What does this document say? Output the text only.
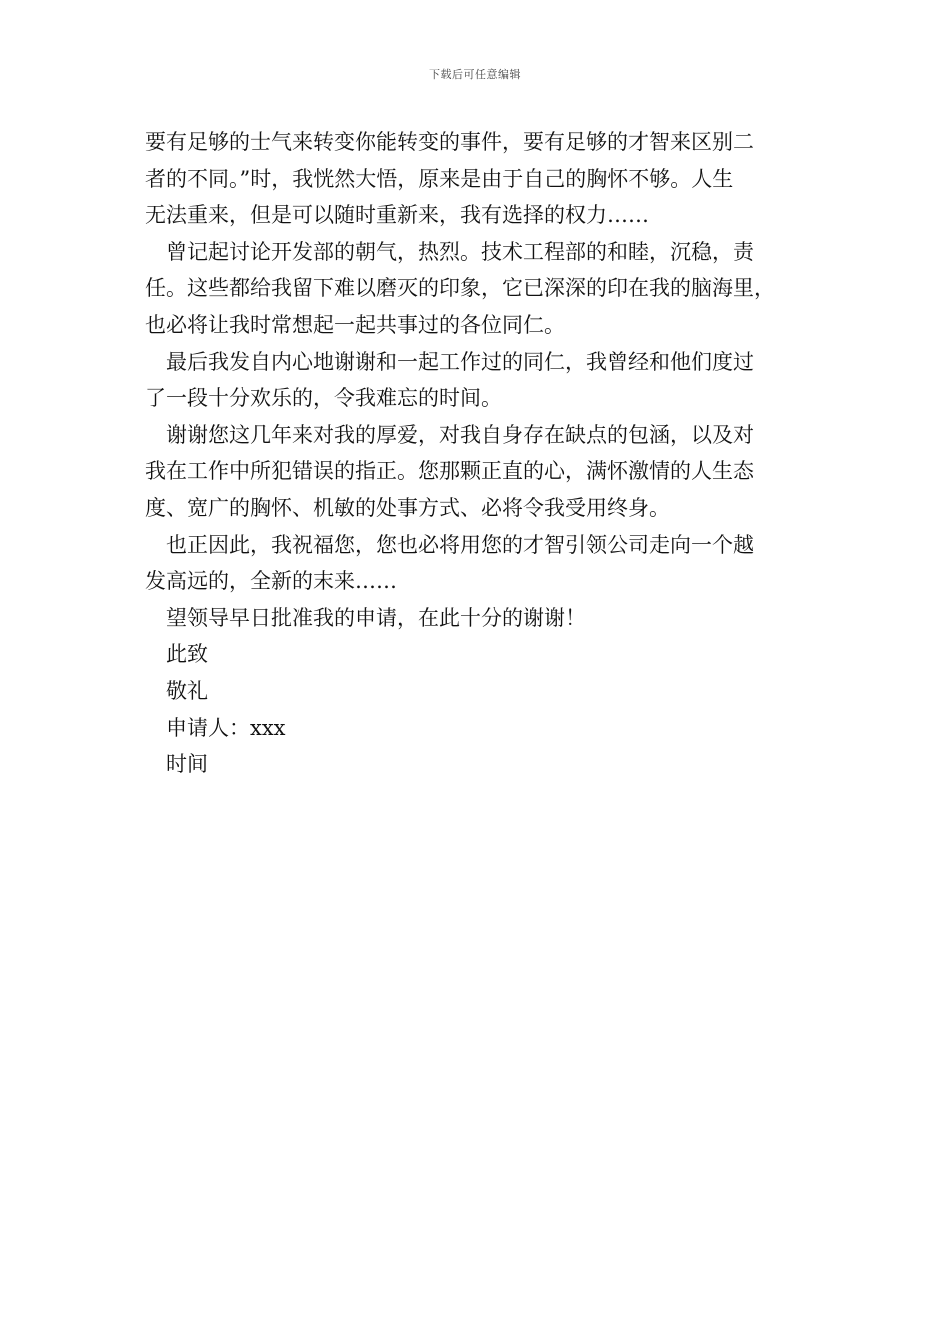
下载后可任意编辑
要有足够的士气来转变你能转变的事件，要有足够的才智来区别二
者的不同。”时，我恍然大悟，原来是由于自己的胸怀不够。人生
无法重来，但是可以随时重新来，我有选择的权力……
曾记起讨论开发部的朝气，热烈。技术工程部的和睦，沉稳，责
任。这些都给我留下难以磨灭的印象，它已深深的印在我的脑海里，
也必将让我时常想起一起共事过的各位同仁。
最后我发自内心地谢谢和一起工作过的同仁，我曾经和他们度过
了一段十分欢乐的，令我难忘的时间。
谢谢您这几年来对我的厚爱，对我自身存在缺点的包涵，以及对
我在工作中所犯错误的指正。您那颗正直的心，满怀激情的人生态
度、宽广的胸怀、机敏的处事方式、必将令我受用终身。
也正因此，我祝福您，您也必将用您的才智引领公司走向一个越
发高远的，全新的末来……
望领导早日批准我的申请，在此十分的谢谢！
此致
敬礼
申请人：xxx
时间
